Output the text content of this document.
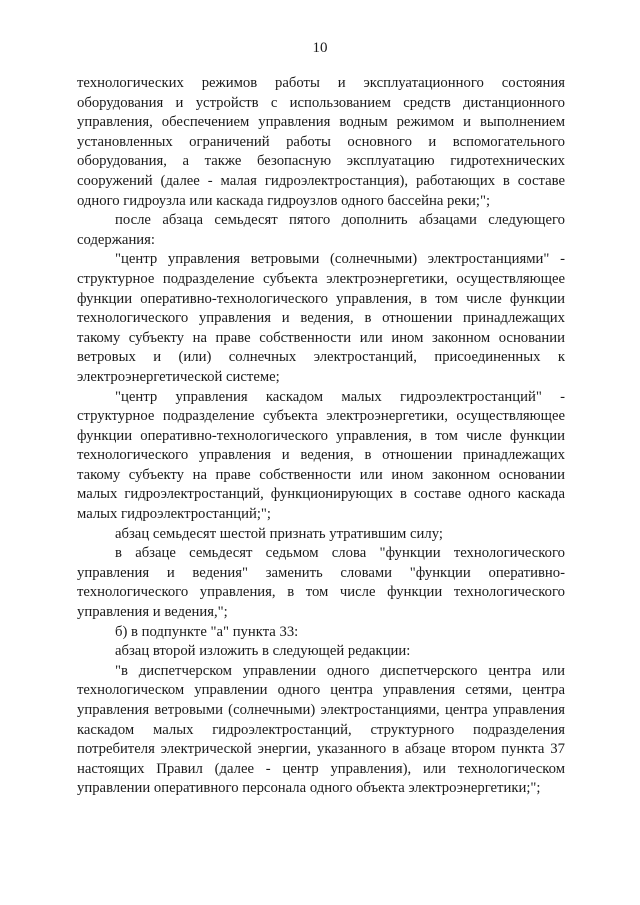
10

технологических режимов работы и эксплуатационного состояния оборудования и устройств с использованием средств дистанционного управления, обеспечением управления водным режимом и выполнением установленных ограничений работы основного и вспомогательного оборудования, а также безопасную эксплуатацию гидротехнических сооружений (далее - малая гидроэлектростанция), работающих в составе одного гидроузла или каскада гидроузлов одного бассейна реки;";

после абзаца семьдесят пятого дополнить абзацами следующего содержания:

"центр управления ветровыми (солнечными) электростанциями" - структурное подразделение субъекта электроэнергетики, осуществляющее функции оперативно-технологического управления, в том числе функции технологического управления и ведения, в отношении принадлежащих такому субъекту на праве собственности или ином законном основании ветровых и (или) солнечных электростанций, присоединенных к электроэнергетической системе;

"центр управления каскадом малых гидроэлектростанций" - структурное подразделение субъекта электроэнергетики, осуществляющее функции оперативно-технологического управления, в том числе функции технологического управления и ведения, в отношении принадлежащих такому субъекту на праве собственности или ином законном основании малых гидроэлектростанций, функционирующих в составе одного каскада малых гидроэлектростанций;";

абзац семьдесят шестой признать утратившим силу;

в абзаце семьдесят седьмом слова "функции технологического управления и ведения" заменить словами "функции оперативно-технологического управления, в том числе функции технологического управления и ведения,";

б) в подпункте "а" пункта 33:

абзац второй изложить в следующей редакции:

"в диспетчерском управлении одного диспетчерского центра или технологическом управлении одного центра управления сетями, центра управления ветровыми (солнечными) электростанциями, центра управления каскадом малых гидроэлектростанций, структурного подразделения потребителя электрической энергии, указанного в абзаце втором пункта 37 настоящих Правил (далее - центр управления), или технологическом управлении оперативного персонала одного объекта электроэнергетики;";
